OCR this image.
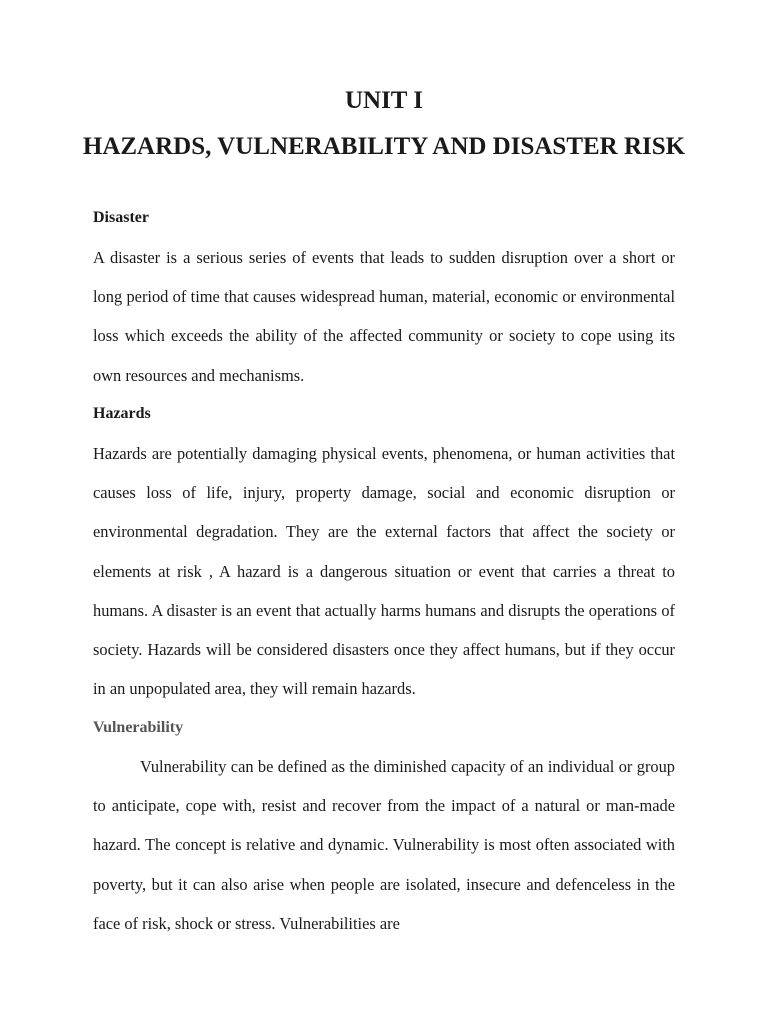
UNIT I
HAZARDS, VULNERABILITY AND DISASTER RISK
Disaster
A disaster is a serious series of events that leads to sudden disruption over a short or long period of time that causes widespread human, material, economic or environmental loss which exceeds the ability of the affected community or society to cope using its own resources and mechanisms.
Hazards
Hazards are potentially damaging physical events, phenomena, or human activities that causes loss of life, injury, property damage, social and economic disruption or environmental degradation. They are the external factors that affect the society or elements at risk , A hazard is a dangerous situation or event that carries a threat to humans. A disaster is an event that actually harms humans and disrupts the operations of society. Hazards will be considered disasters once they affect humans, but if they occur in an unpopulated area, they will remain hazards.
Vulnerability
Vulnerability can be defined as the diminished capacity of an individual or group to anticipate, cope with, resist and recover from the impact of a natural or man-made hazard. The concept is relative and dynamic. Vulnerability is most often associated with poverty, but it can also arise when people are isolated, insecure and defenceless in the face of risk, shock or stress. Vulnerabilities are
